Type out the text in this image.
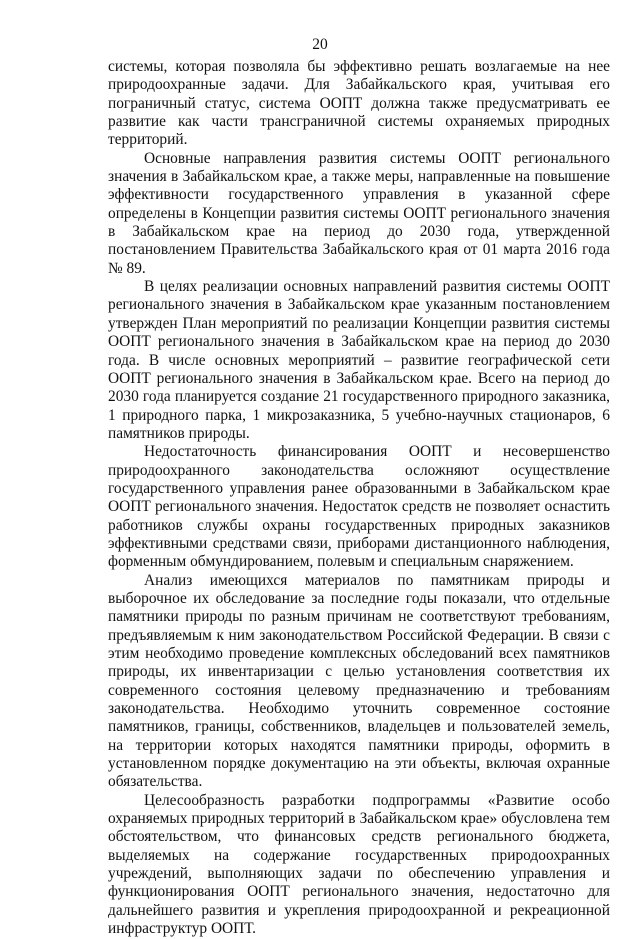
20

системы, которая позволяла бы эффективно решать возлагаемые на нее природоохранные задачи. Для Забайкальского края, учитывая его пограничный статус, система ООПТ должна также предусматривать ее развитие как части трансграничной системы охраняемых природных территорий.

Основные направления развития системы ООПТ регионального значения в Забайкальском крае, а также меры, направленные на повышение эффективности государственного управления в указанной сфере определены в Концепции развития системы ООПТ регионального значения в Забайкальском крае на период до 2030 года, утвержденной постановлением Правительства Забайкальского края от 01 марта 2016 года № 89.

В целях реализации основных направлений развития системы ООПТ регионального значения в Забайкальском крае указанным постановлением утвержден План мероприятий по реализации Концепции развития системы ООПТ регионального значения в Забайкальском крае на период до 2030 года. В числе основных мероприятий – развитие географической сети ООПТ регионального значения в Забайкальском крае. Всего на период до 2030 года планируется создание 21 государственного природного заказника, 1 природного парка, 1 микрозаказника, 5 учебно-научных стационаров, 6 памятников природы.

Недостаточность финансирования ООПТ и несовершенство природоохранного законодательства осложняют осуществление государственного управления ранее образованными в Забайкальском крае ООПТ регионального значения. Недостаток средств не позволяет оснастить работников службы охраны государственных природных заказников эффективными средствами связи, приборами дистанционного наблюдения, форменным обмундированием, полевым и специальным снаряжением.

Анализ имеющихся материалов по памятникам природы и выборочное их обследование за последние годы показали, что отдельные памятники природы по разным причинам не соответствуют требованиям, предъявляемым к ним законодательством Российской Федерации. В связи с этим необходимо проведение комплексных обследований всех памятников природы, их инвентаризации с целью установления соответствия их современного состояния целевому предназначению и требованиям законодательства. Необходимо уточнить современное состояние памятников, границы, собственников, владельцев и пользователей земель, на территории которых находятся памятники природы, оформить в установленном порядке документацию на эти объекты, включая охранные обязательства.

Целесообразность разработки подпрограммы «Развитие особо охраняемых природных территорий в Забайкальском крае» обусловлена тем обстоятельством, что финансовых средств регионального бюджета, выделяемых на содержание государственных природоохранных учреждений, выполняющих задачи по обеспечению управления и функционирования ООПТ регионального значения, недостаточно для дальнейшего развития и укрепления природоохранной и рекреационной инфраструктур ООПТ.
